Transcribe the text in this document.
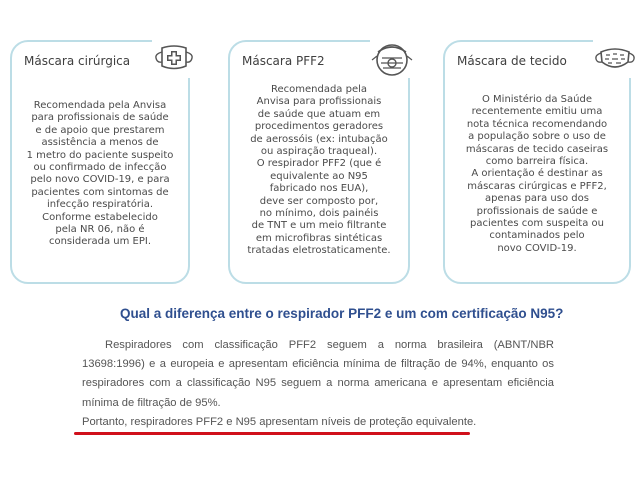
Máscara cirúrgica
Recomendada pela Anvisa
para profissionais de saúde
e de apoio que prestarem
assistência a menos de
1 metro do paciente suspeito
ou confirmado de infecção
pelo novo COVID-19, e para
pacientes com sintomas de
infecção respiratória.
Conforme estabelecido
pela NR 06, não é
considerada um EPI.
Máscara PFF2
Recomendada pela
Anvisa para profissionais
de saúde que atuam em
procedimentos geradores
de aerossóis (ex: intubação
ou aspiração traqueal).
O respirador PFF2 (que é
equivalente ao N95
fabricado nos EUA),
deve ser composto por,
no mínimo, dois painéis
de TNT e um meio filtrante
em microfibras sintéticas
tratadas eletrostaticamente.
Máscara de tecido
O Ministério da Saúde
recentemente emitiu uma
nota técnica recomendando
a população sobre o uso de
máscaras de tecido caseiras
como barreira física.
A orientação é destinar as
máscaras cirúrgicas e PFF2,
apenas para uso dos
profissionais de saúde e
pacientes com suspeita ou
contaminados pelo
novo COVID-19.
Qual a diferença entre o respirador PFF2 e um com certificação N95?
Respiradores com classificação PFF2 seguem a norma brasileira (ABNT/NBR 13698:1996) e a europeia e apresentam eficiência mínima de filtração de 94%, enquanto os respiradores com a classificação N95 seguem a norma americana e apresentam eficiência mínima de filtração de 95%.
Portanto, respiradores PFF2 e N95 apresentam níveis de proteção equivalente.
